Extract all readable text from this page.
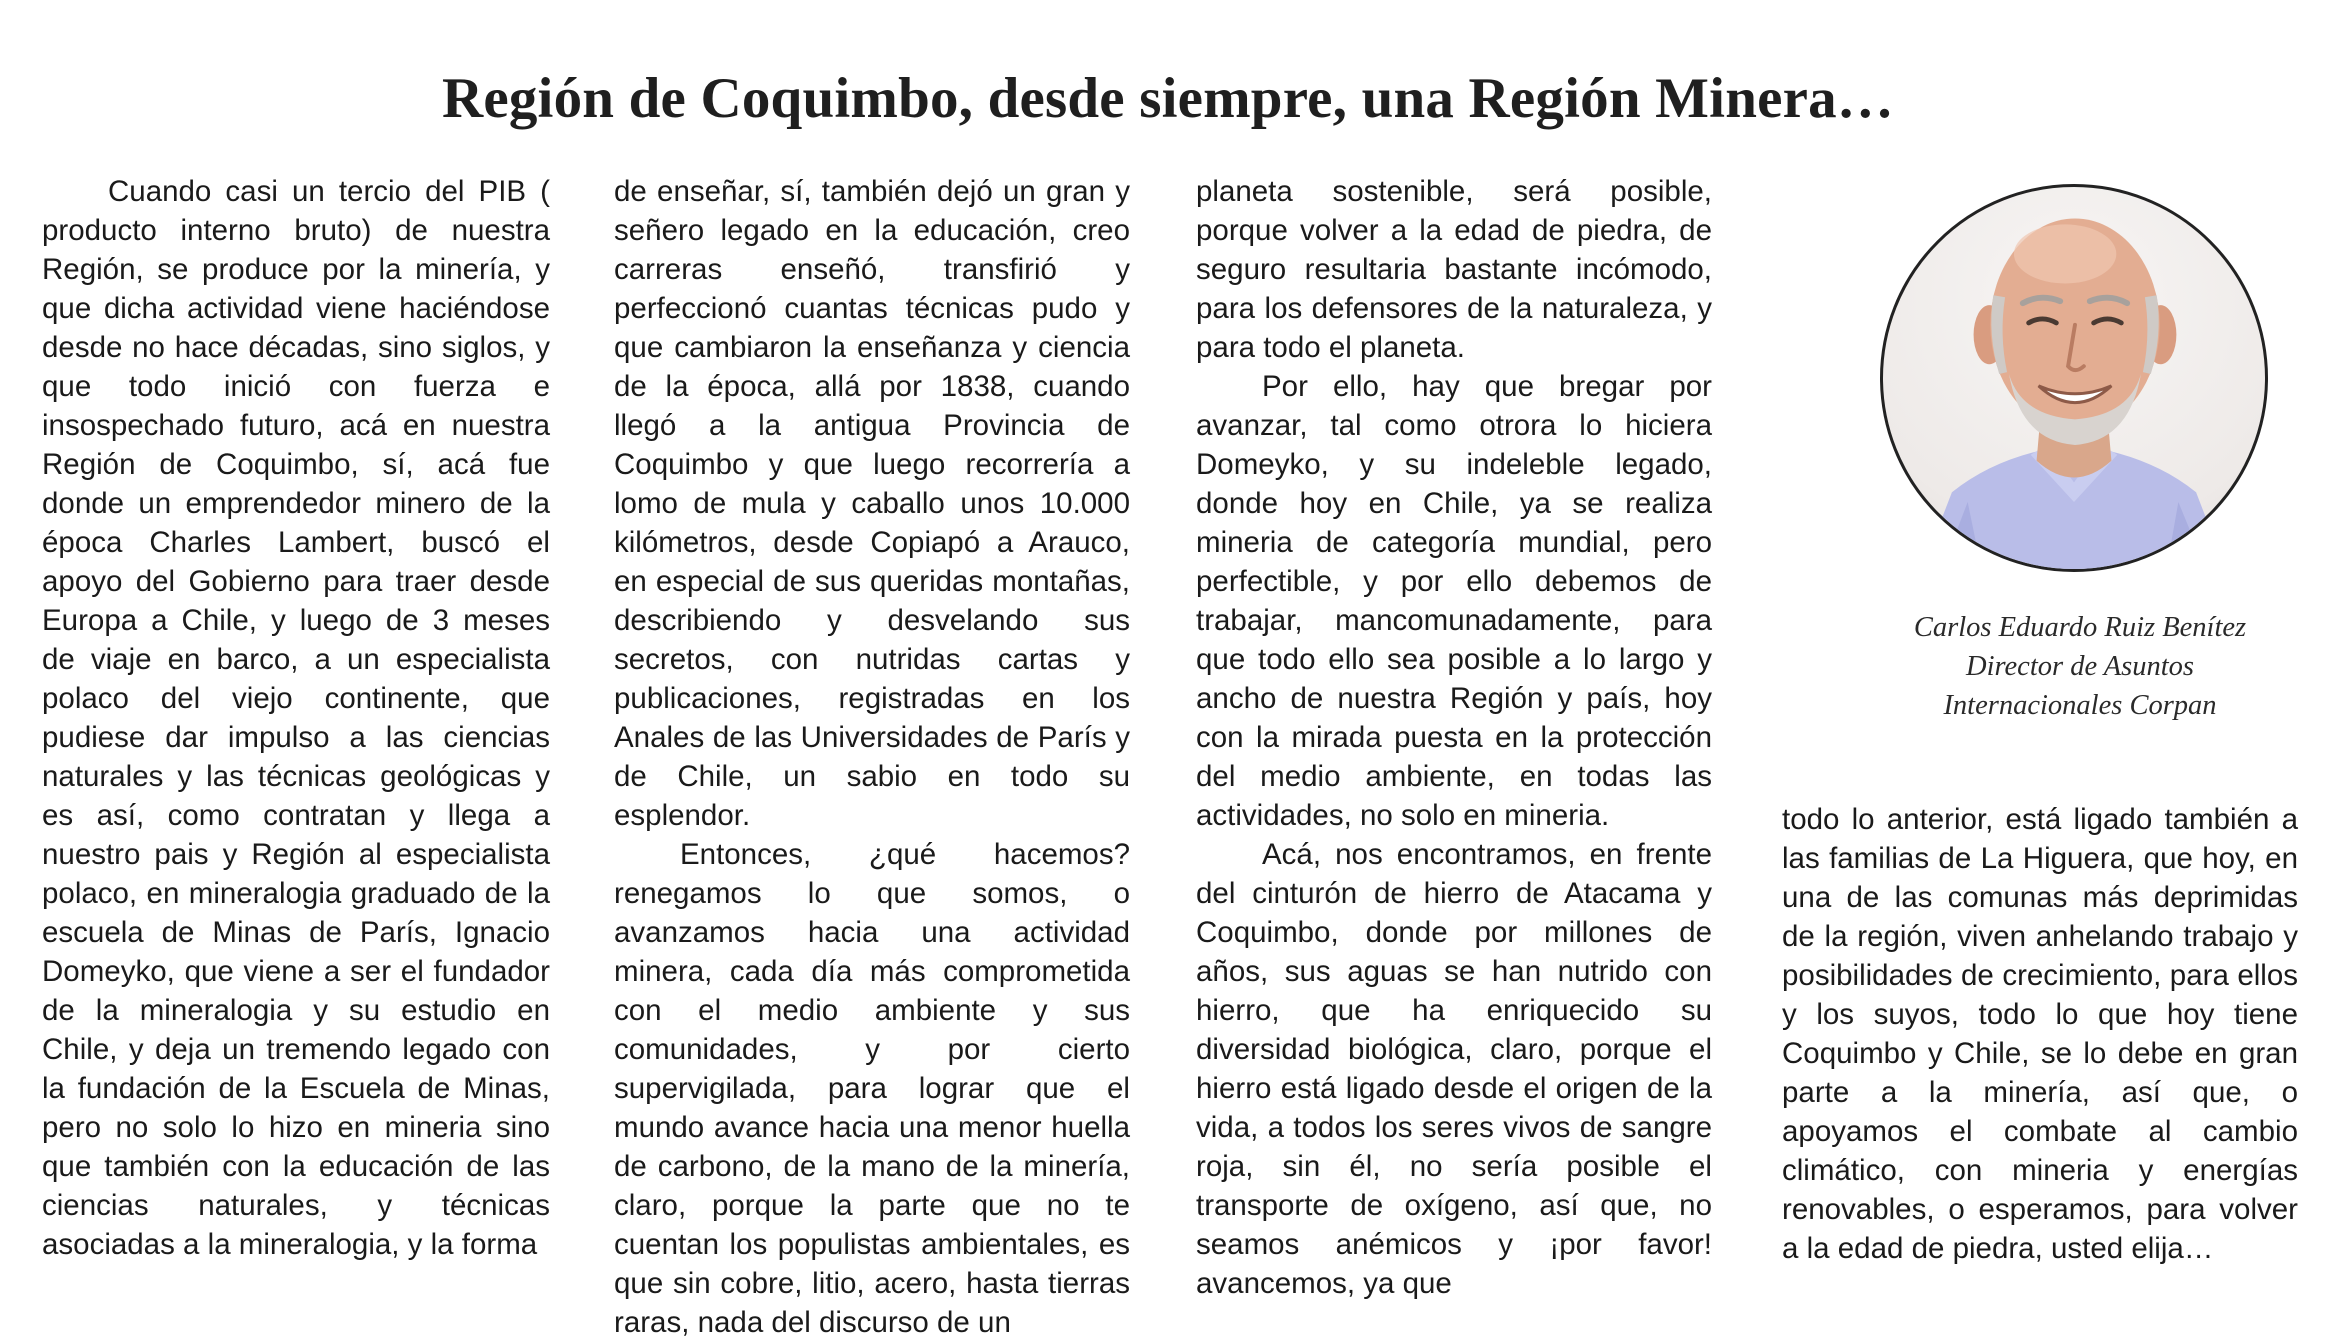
Región de Coquimbo, desde siempre, una Región Minera…

Cuando casi un tercio del PIB ( producto interno bruto) de nuestra Región, se produce por la minería, y que dicha actividad viene haciéndose desde no hace décadas, sino siglos, y que todo inició con fuerza e insospechado futuro, acá en nuestra Región de Coquimbo, sí, acá fue donde un emprendedor minero de la época Charles Lambert, buscó el apoyo del Gobierno para traer desde Europa a Chile, y luego de 3 meses de viaje en barco, a un especialista polaco del viejo continente, que pudiese dar impulso a las ciencias naturales y las técnicas geológicas y es así, como contratan y llega a nuestro pais y Región al especialista polaco, en mineralogia graduado de la escuela de Minas de París, Ignacio Domeyko, que viene a ser el fundador de la mineralogia y su estudio en Chile, y deja un tremendo legado con la fundación de la Escuela de Minas, pero no solo lo hizo en mineria sino que también con la educación de las ciencias naturales, y técnicas asociadas a la mineralogia, y la forma

de enseñar, sí, también dejó un gran y señero legado en la educación, creo carreras enseñó, transfirió y perfeccionó cuantas técnicas pudo y que cambiaron la enseñanza y ciencia de la época, allá por 1838, cuando llegó a la antigua Provincia de Coquimbo y que luego recorrería a lomo de mula y caballo unos 10.000 kilómetros, desde Copiapó a Arauco, en especial de sus queridas montañas, describiendo y desvelando sus secretos, con nutridas cartas y publicaciones, registradas en los Anales de las Universidades de París y de Chile, un sabio en todo su esplendor.

Entonces, ¿qué hacemos? renegamos lo que somos, o avanzamos hacia una actividad minera, cada día más comprometida con el medio ambiente y sus comunidades, y por cierto supervigilada, para lograr que el mundo avance hacia una menor huella de carbono, de la mano de la minería, claro, porque la parte que no te cuentan los populistas ambientales, es que sin cobre, litio, acero, hasta tierras raras, nada del discurso de un

planeta sostenible, será posible, porque volver a la edad de piedra, de seguro resultaria bastante incómodo, para los defensores de la naturaleza, y para todo el planeta.

Por ello, hay que bregar por avanzar, tal como otrora lo hiciera Domeyko, y su indeleble legado, donde hoy en Chile, ya se realiza mineria de categoría mundial, pero perfectible, y por ello debemos de trabajar, mancomunadamente, para que todo ello sea posible a lo largo y ancho de nuestra Región y país, hoy con la mirada puesta en la protección del medio ambiente, en todas las actividades, no solo en mineria.

Acá, nos encontramos, en frente del cinturón de hierro de Atacama y Coquimbo, donde por millones de años, sus aguas se han nutrido con hierro, que ha enriquecido su diversidad biológica, claro, porque el hierro está ligado desde el origen de la vida, a todos los seres vivos de sangre roja, sin él, no sería posible el transporte de oxígeno, así que, no seamos anémicos y ¡por favor! avancemos, ya que

Carlos Eduardo Ruiz Benítez
Director de Asuntos
Internacionales Corpan

todo lo anterior, está ligado también a las familias de La Higuera, que hoy, en una de las comunas más deprimidas de la región, viven anhelando trabajo y posibilidades de crecimiento, para ellos y los suyos, todo lo que hoy tiene Coquimbo y Chile, se lo debe en gran parte a la minería, así que, o apoyamos el combate al cambio climático, con mineria y energías renovables, o esperamos, para volver a la edad de piedra, usted elija…
